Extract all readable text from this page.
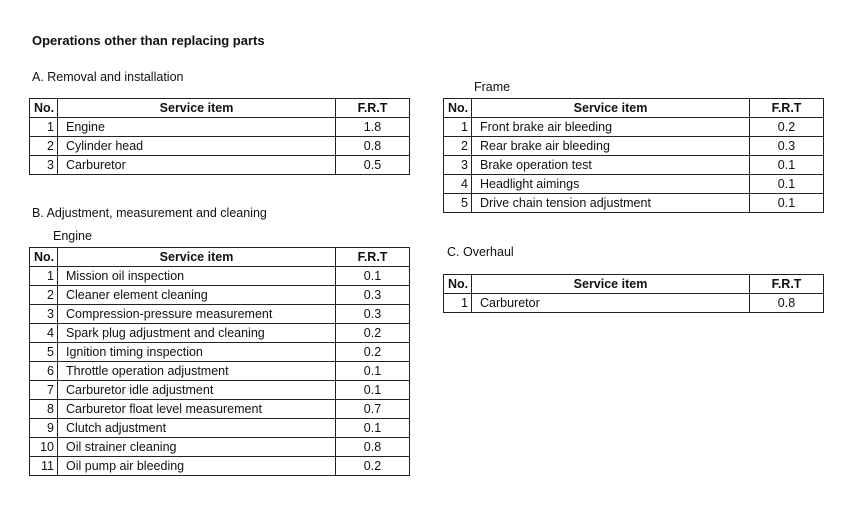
Operations other than replacing parts
A. Removal and installation
No.	Service item	F.R.T
1	Engine	1.8
2	Cylinder head	0.8
3	Carburetor	0.5
B. Adjustment, measurement and cleaning
Engine
No.	Service item	F.R.T
1	Mission oil inspection	0.1
2	Cleaner element cleaning	0.3
3	Compression-pressure measurement	0.3
4	Spark plug adjustment and cleaning	0.2
5	Ignition timing inspection	0.2
6	Throttle operation adjustment	0.1
7	Carburetor idle adjustment	0.1
8	Carburetor float level measurement	0.7
9	Clutch adjustment	0.1
10	Oil strainer cleaning	0.8
11	Oil pump air bleeding	0.2
Frame
No.	Service item	F.R.T
1	Front brake air bleeding	0.2
2	Rear brake air bleeding	0.3
3	Brake operation test	0.1
4	Headlight aimings	0.1
5	Drive chain tension adjustment	0.1
C. Overhaul
No.	Service item	F.R.T
1	Carburetor	0.8
